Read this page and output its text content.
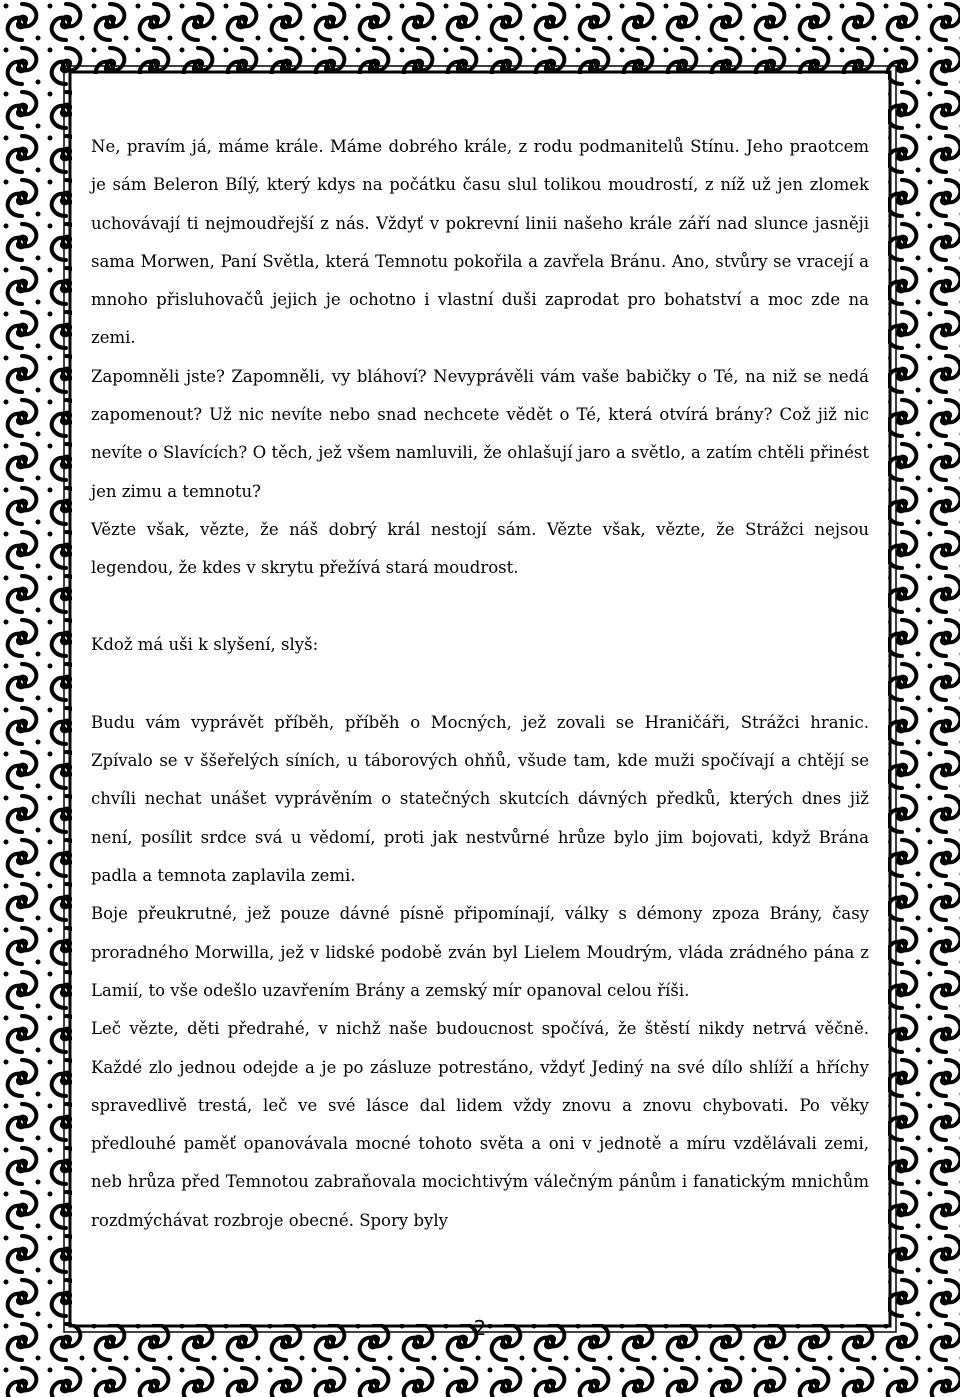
Ne, pravím já, máme krále. Máme dobrého krále, z rodu podmanitelů Stínu. Jeho praotcem je sám Beleron Bílý, který kdys na počátku času slul tolikou moudrostí, z níž už jen zlomek uchovávají ti nejmoudřejší z nás. Vždyť v pokrevní linii našeho krále září nad slunce jasněji sama Morwen, Paní Světla, která Temnotu pokořila a zavřela Bránu. Ano, stvůry se vracejí a mnoho přisluhovačů jejich je ochotno i vlastní duši zaprodat pro bohatství a moc zde na zemi.

Zapomněli jste? Zapomněli, vy bláhoví? Nevyprávěli vám vaše babičky o Té, na niž se nedá zapomenout? Už nic nevíte nebo snad nechcete vědět o Té, která otvírá brány? Což již nic nevíte o Slavících? O těch, jež všem namluvili, že ohlašují jaro a světlo, a zatím chtěli přinést jen zimu a temnotu?

Vězte však, vězte, že náš dobrý král nestojí sám. Vězte však, vězte, že Strážci nejsou legendou, že kdes v skrytu přežívá stará moudrost.

Kdož má uši k slyšení, slyš:

Budu vám vyprávět příběh, příběh o Mocných, jež zovali se Hraničáři, Strážci hranic. Zpívalo se v ššeřelých síních, u táborových ohňů, všude tam, kde muži spočívají a chtějí se chvíli nechat unášet vyprávěním o statečných skutcích dávných předků, kterých dnes již není, posílit srdce svá u vědomí, proti jak nestvůrné hrůze bylo jim bojovati, když Brána padla a temnota zaplavila zemi.

Boje přeukrutné, jež pouze dávné písně připomínají, války s démony zpoza Brány, časy proradného Morwilla, jež v lidské podobě zván byl Lielem Moudrým, vláda zrádného pána z Lamií, to vše odešlo uzavřením Brány a zemský mír opanoval celou říši.

Leč vězte, děti předrahé, v nichž naše budoucnost spočívá, že štěstí nikdy netrvá věčně. Každé zlo jednou odejde a je po zásluze potrestáno, vždyť Jediný na své dílo shlíží a hříchy spravedlivě trestá, leč ve své lásce dal lidem vždy znovu a znovu chybovati. Po věky předlouhé paměť opanovávala mocné tohoto světa a oni v jednotě a míru vzdělávali zemi, neb hrůza před Temnotou zabraňovala mocichtivým válečným pánům i fanatickým mnichům rozdmýchávat rozbroje obecné. Spory byly

2
